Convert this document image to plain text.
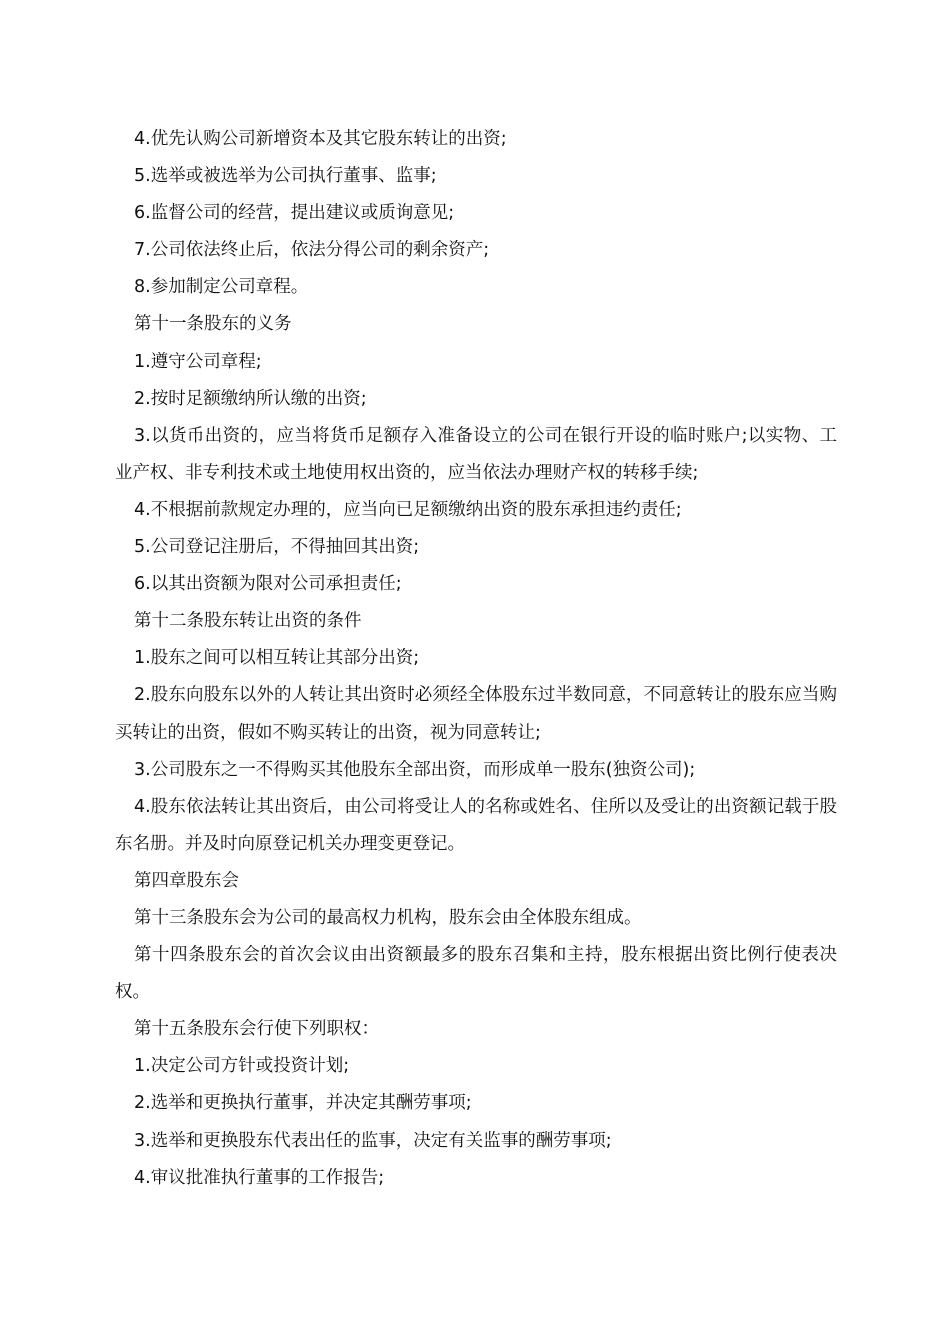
4.优先认购公司新增资本及其它股东转让的出资;

5.选举或被选举为公司执行董事、监事;

6.监督公司的经营，提出建议或质询意见;

7.公司依法终止后，依法分得公司的剩余资产;

8.参加制定公司章程。

第十一条股东的义务

1.遵守公司章程;

2.按时足额缴纳所认缴的出资;

3.以货币出资的，应当将货币足额存入准备设立的公司在银行开设的临时账户;以实物、工业产权、非专利技术或土地使用权出资的，应当依法办理财产权的转移手续;

4.不根据前款规定办理的，应当向已足额缴纳出资的股东承担违约责任;

5.公司登记注册后，不得抽回其出资;

6.以其出资额为限对公司承担责任;

第十二条股东转让出资的条件

1.股东之间可以相互转让其部分出资;

2.股东向股东以外的人转让其出资时必须经全体股东过半数同意，不同意转让的股东应当购买转让的出资，假如不购买转让的出资，视为同意转让;

3.公司股东之一不得购买其他股东全部出资，而形成单一股东(独资公司);

4.股东依法转让其出资后，由公司将受让人的名称或姓名、住所以及受让的出资额记载于股东名册。并及时向原登记机关办理变更登记。

第四章股东会

第十三条股东会为公司的最高权力机构，股东会由全体股东组成。

第十四条股东会的首次会议由出资额最多的股东召集和主持，股东根据出资比例行使表决权。

第十五条股东会行使下列职权：

1.决定公司方针或投资计划;

2.选举和更换执行董事，并决定其酬劳事项;

3.选举和更换股东代表出任的监事，决定有关监事的酬劳事项;

4.审议批准执行董事的工作报告;
